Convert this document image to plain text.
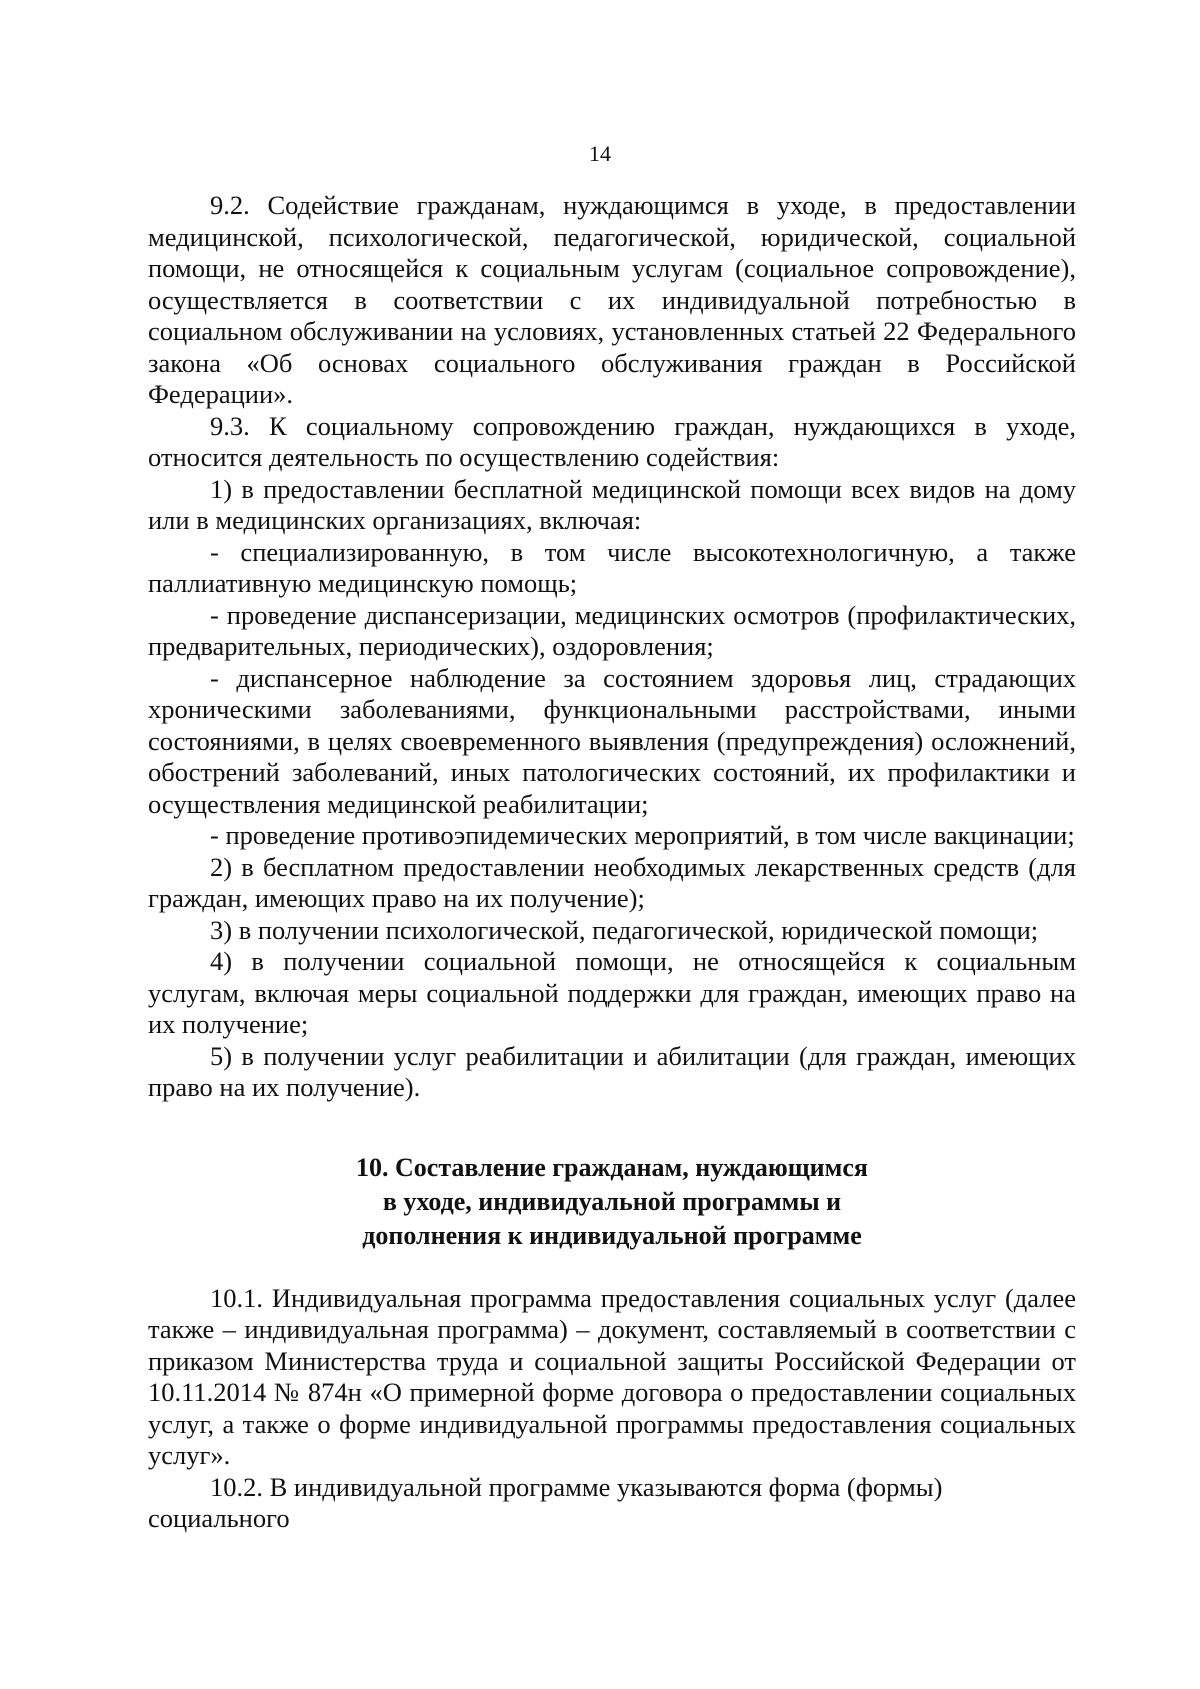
14

9.2. Содействие гражданам, нуждающимся в уходе, в предоставлении медицинской, психологической, педагогической, юридической, социальной помощи, не относящейся к социальным услугам (социальное сопровождение), осуществляется в соответствии с их индивидуальной потребностью в социальном обслуживании на условиях, установленных статьей 22 Федерального закона «Об основах социального обслуживания граждан в Российской Федерации».

9.3. К социальному сопровождению граждан, нуждающихся в уходе, относится деятельность по осуществлению содействия:

1) в предоставлении бесплатной медицинской помощи всех видов на дому или в медицинских организациях, включая:

- специализированную, в том числе высокотехнологичную, а также паллиативную медицинскую помощь;

- проведение диспансеризации, медицинских осмотров (профилактических, предварительных, периодических), оздоровления;

- диспансерное наблюдение за состоянием здоровья лиц, страдающих хроническими заболеваниями, функциональными расстройствами, иными состояниями, в целях своевременного выявления (предупреждения) осложнений, обострений заболеваний, иных патологических состояний, их профилактики и осуществления медицинской реабилитации;

- проведение противоэпидемических мероприятий, в том числе вакцинации;

2) в бесплатном предоставлении необходимых лекарственных средств (для граждан, имеющих право на их получение);

3) в получении психологической, педагогической, юридической помощи;

4) в получении социальной помощи, не относящейся к социальным услугам, включая меры социальной поддержки для граждан, имеющих право на их получение;

5) в получении услуг реабилитации и абилитации (для граждан, имеющих право на их получение).

10. Составление гражданам, нуждающимся
в уходе, индивидуальной программы и
дополнения к индивидуальной программе

10.1. Индивидуальная программа предоставления социальных услуг (далее также – индивидуальная программа) – документ, составляемый в соответствии с приказом Министерства труда и социальной защиты Российской Федерации от 10.11.2014 № 874н «О примерной форме договора о предоставлении социальных услуг, а также о форме индивидуальной программы предоставления социальных услуг».

10.2. В индивидуальной программе указываются форма (формы) социального
